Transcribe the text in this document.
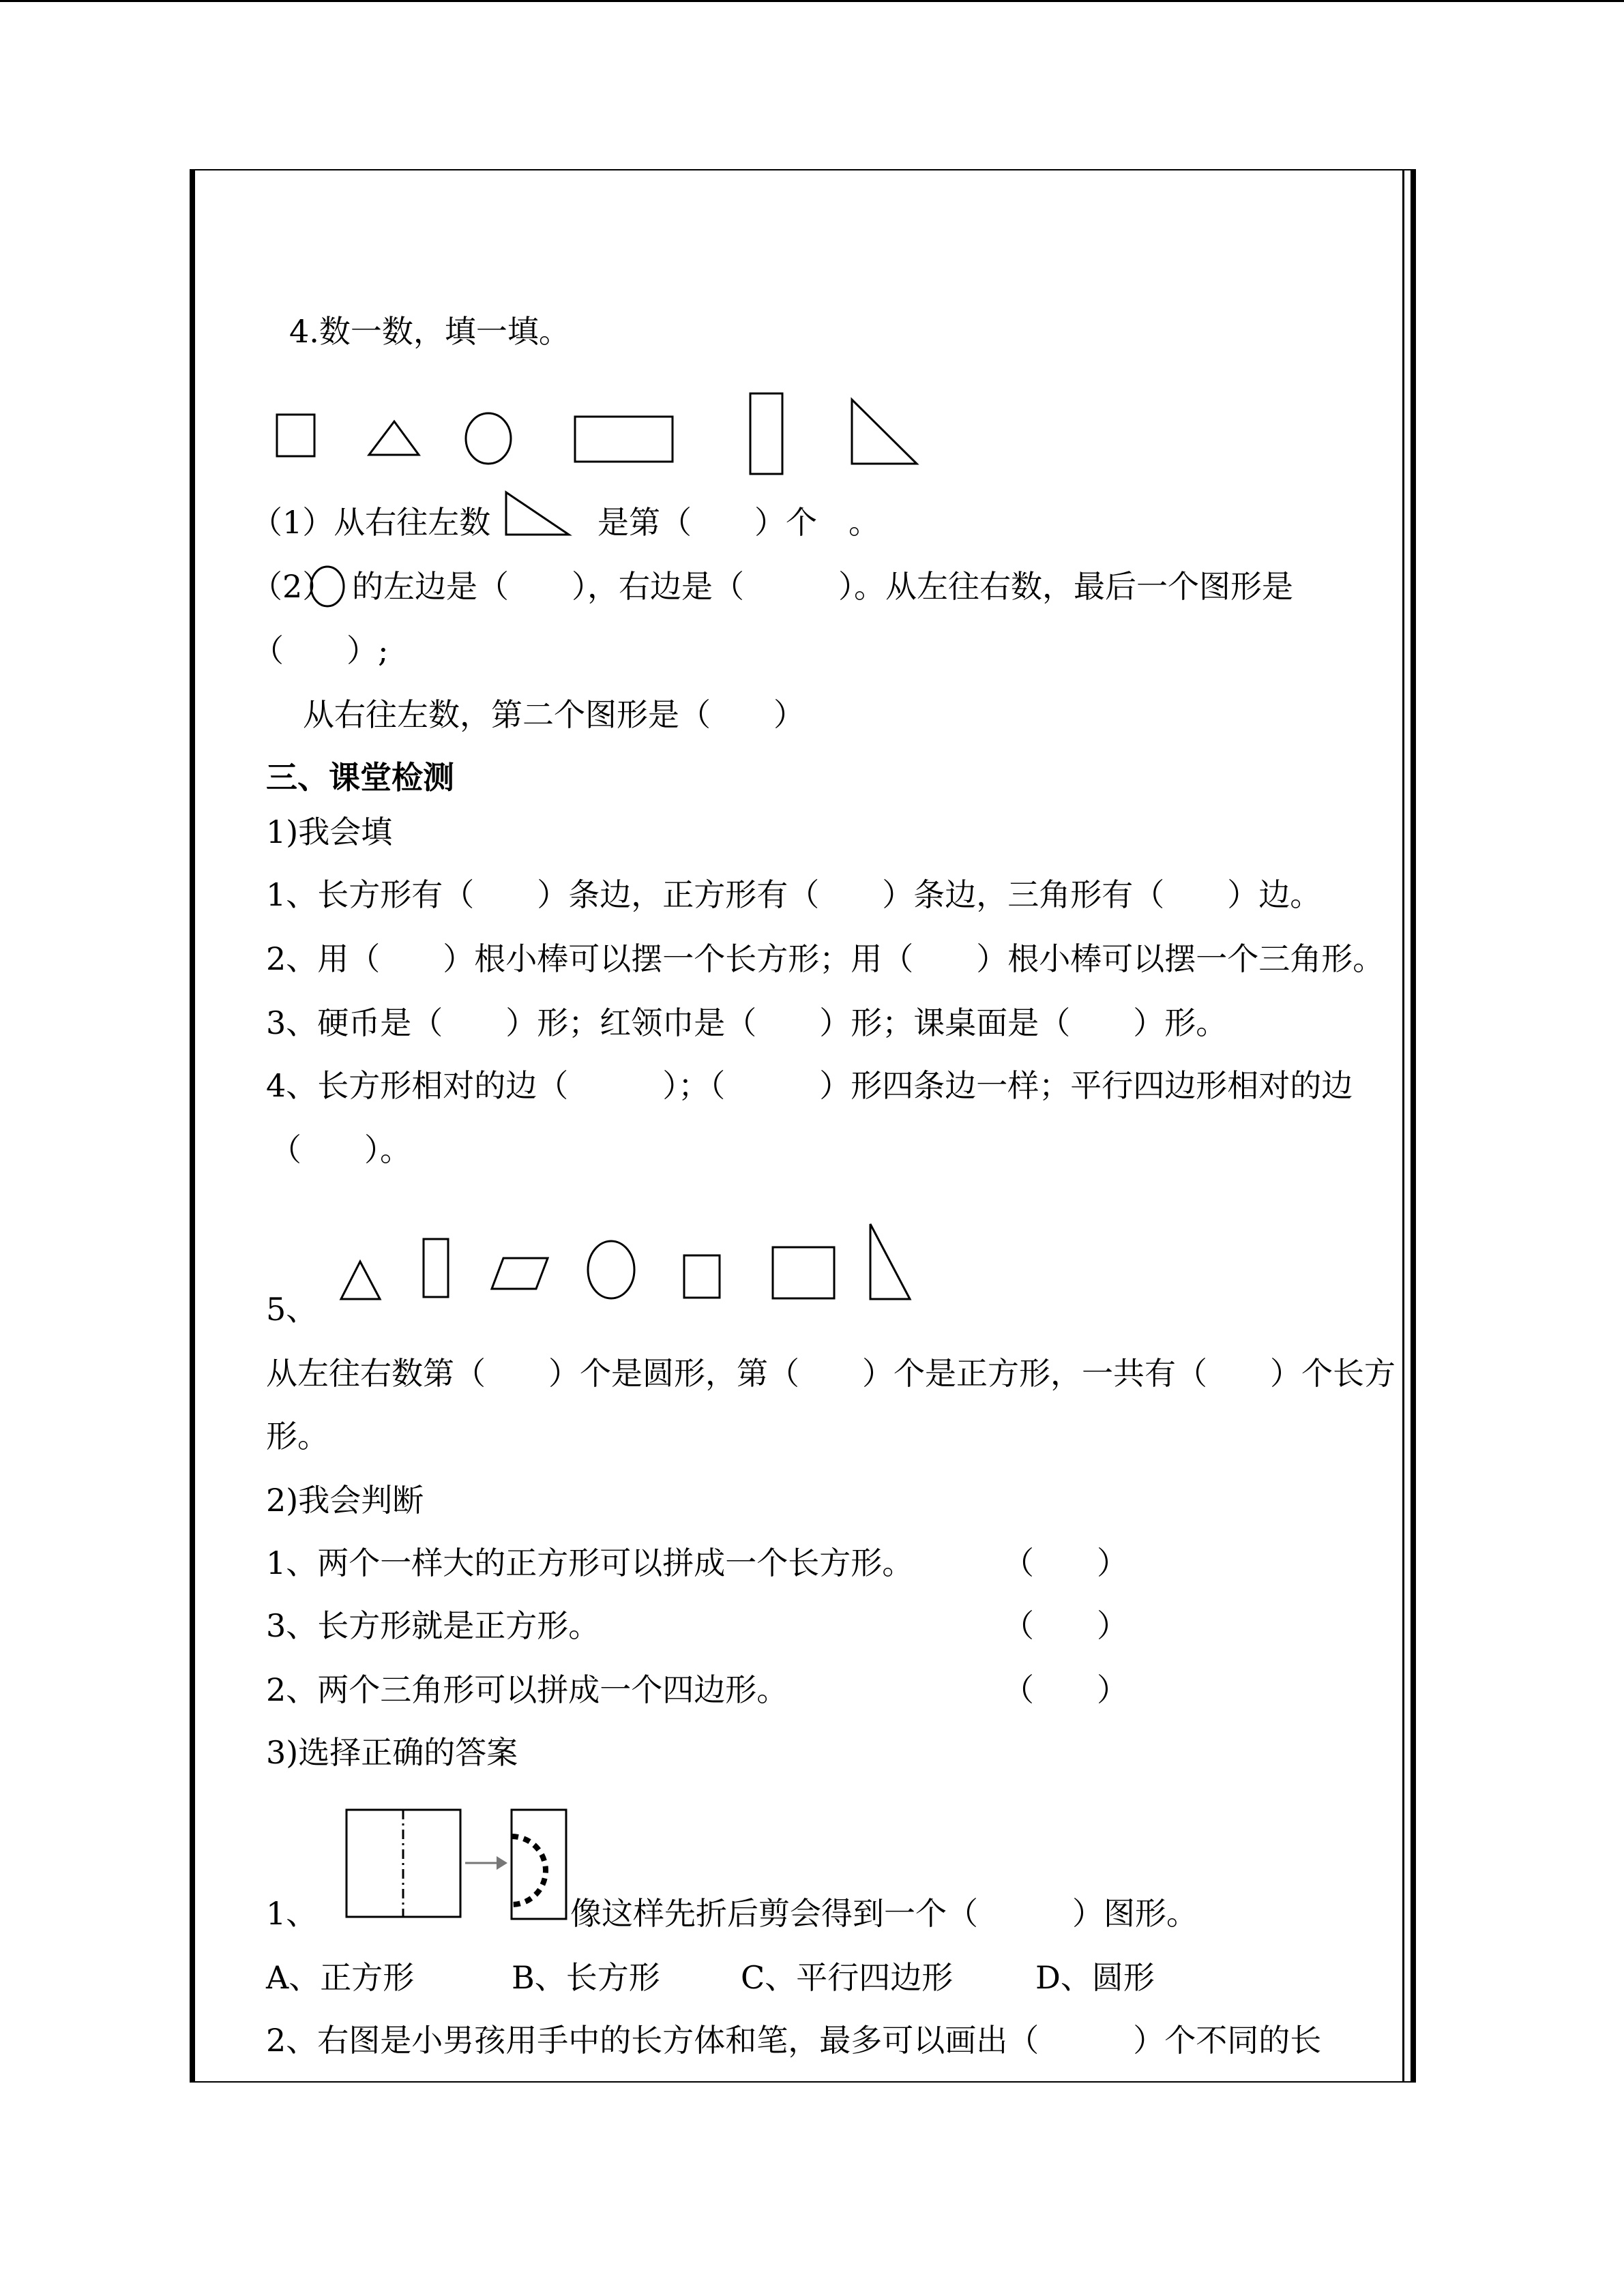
4.数一数，填一填。
（1）从右往左数	是第（　　）个　。
（2） 的左边是（　　），右边是（　　　）。从左往右数，最后一个图形是
（　　）;
从右往左数，第二个图形是（　　）
三、课堂检测
1)我会填
1、长方形有（　　）条边，正方形有（　　）条边，三角形有（　　）边。
2、用（　　）根小棒可以摆一个长方形；用（　　）根小棒可以摆一个三角形。
3、硬币是（　　）形；红领巾是（　　）形；课桌面是（　　）形。
4、长方形相对的边（　　　）；（　　　）形四条边一样；平行四边形相对的边
（　　）。
5、
从左往右数第（　　）个是圆形，第（　　）个是正方形，一共有（　　）个长方
形。
2)我会判断
1、两个一样大的正方形可以拼成一个长方形。	（　　）
3、长方形就是正方形。	（　　）
2、两个三角形可以拼成一个四边形。	（　　）
3)选择正确的答案
1、	像这样先折后剪会得到一个（　　　）图形。
A、正方形	B、长方形	C、平行四边形	D、圆形
2、右图是小男孩用手中的长方体和笔，最多可以画出（　　　）个不同的长
